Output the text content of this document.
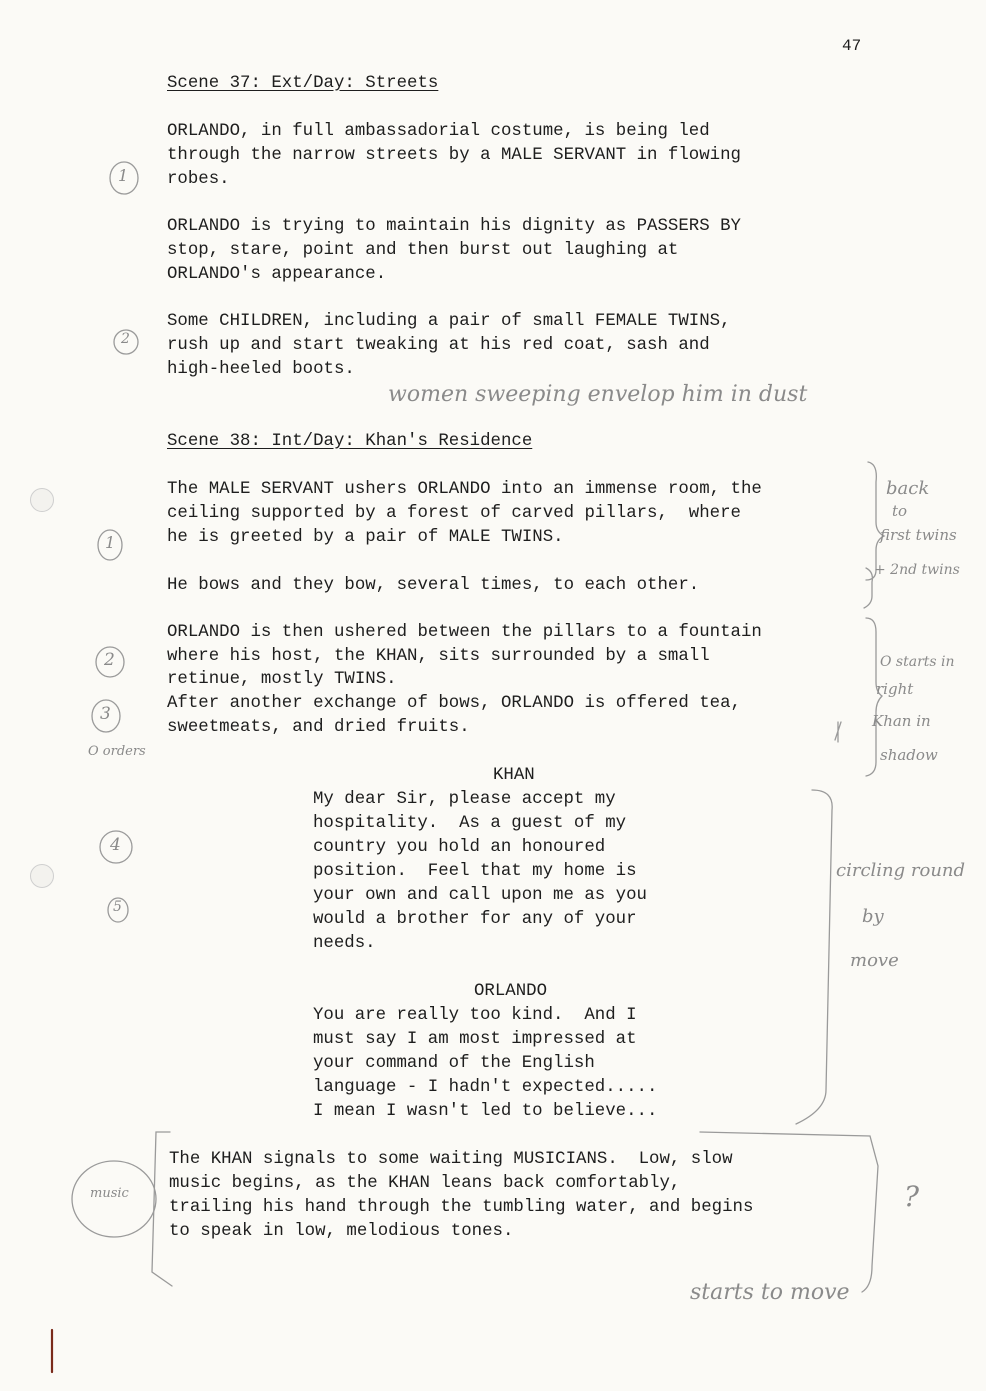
47

Scene 37: Ext/Day: Streets

ORLANDO, in full ambassadorial costume, is being led

through the narrow streets by a MALE SERVANT in flowing

robes.

ORLANDO is trying to maintain his dignity as PASSERS BY

stop, stare, point and then burst out laughing at

ORLANDO's appearance.

Some CHILDREN, including a pair of small FEMALE TWINS,

rush up and start tweaking at his red coat, sash and

high-heeled boots.

Scene 38: Int/Day: Khan's Residence

The MALE SERVANT ushers ORLANDO into an immense room, the

ceiling supported by a forest of carved pillars,  where

he is greeted by a pair of MALE TWINS.

He bows and they bow, several times, to each other.

ORLANDO is then ushered between the pillars to a fountain

where his host, the KHAN, sits surrounded by a small

retinue, mostly TWINS.

After another exchange of bows, ORLANDO is offered tea,

sweetmeats, and dried fruits.

KHAN

My dear Sir, please accept my

hospitality.  As a guest of my

country you hold an honoured

position.  Feel that my home is

your own and call upon me as you

would a brother for any of your

needs.

ORLANDO

You are really too kind.  And I

must say I am most impressed at

your command of the English

language - I hadn't expected.....

I mean I wasn't led to believe...

The KHAN signals to some waiting MUSICIANS.  Low, slow

music begins, as the KHAN leans back comfortably,

trailing his hand through the tumbling water, and begins

to speak in low, melodious tones.

1
2
1
2
3
4
5
women sweeping envelop him in dust
back
to
first twins
+ 2nd twins
O starts in
right
Khan in
shadow
O orders
circling round
by
move
music	?
starts to move
